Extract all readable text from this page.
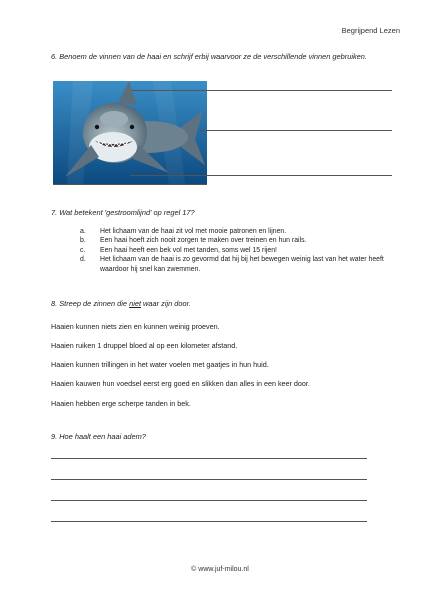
Begrijpend Lezen
6. Benoem de vinnen van de haai en schrijf erbij waarvoor ze de verschillende vinnen gebruiken.
7. Wat betekent 'gestroomlijnd' op regel 17?
a. Het lichaam van de haai zit vol met mooie patronen en lijnen.
b. Een haai hoeft zich nooit zorgen te maken over treinen en hun rails.
c. Een haai heeft een bek vol met tanden, soms wel 15 rijen!
d. Het lichaam van de haai is zo gevormd dat hij bij het bewegen weinig last van het water heeft waardoor hij snel kan zwemmen.
8. Streep de zinnen die niet waar zijn door.
Haaien kunnen niets zien en kunnen weinig proeven.
Haaien ruiken 1 druppel bloed al op een kilometer afstand.
Haaien kunnen trillingen in het water voelen met gaatjes in hun huid.
Haaien kauwen hun voedsel eerst erg goed en slikken dan alles in een keer door.
Haaien hebben erge scherpe tanden in bek.
9. Hoe haalt een haai adem?
© www.juf-milou.nl
